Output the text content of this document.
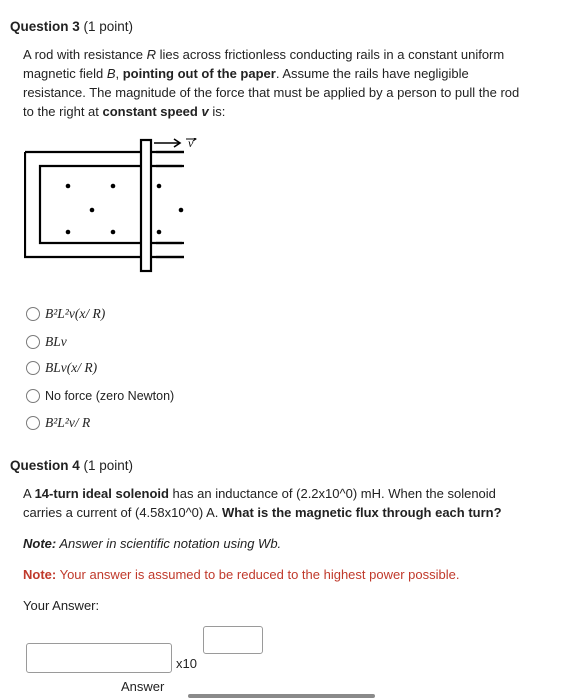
Question 3 (1 point)
A rod with resistance R lies across frictionless conducting rails in a constant uniform magnetic field B, pointing out of the paper. Assume the rails have negligible resistance. The magnitude of the force that must be applied by a person to pull the rod to the right at constant speed v is:
v
B²L²v(x/ R)
BLv
BLv(x/ R)
No force (zero Newton)
B²L²v/ R
Question 4 (1 point)
A 14-turn ideal solenoid has an inductance of (2.2x10^0) mH. When the solenoid carries a current of (4.58x10^0) A. What is the magnetic flux through each turn?
Note: Answer in scientific notation using Wb.
Note: Your answer is assumed to be reduced to the highest power possible.
Your Answer:
x10
Answer
